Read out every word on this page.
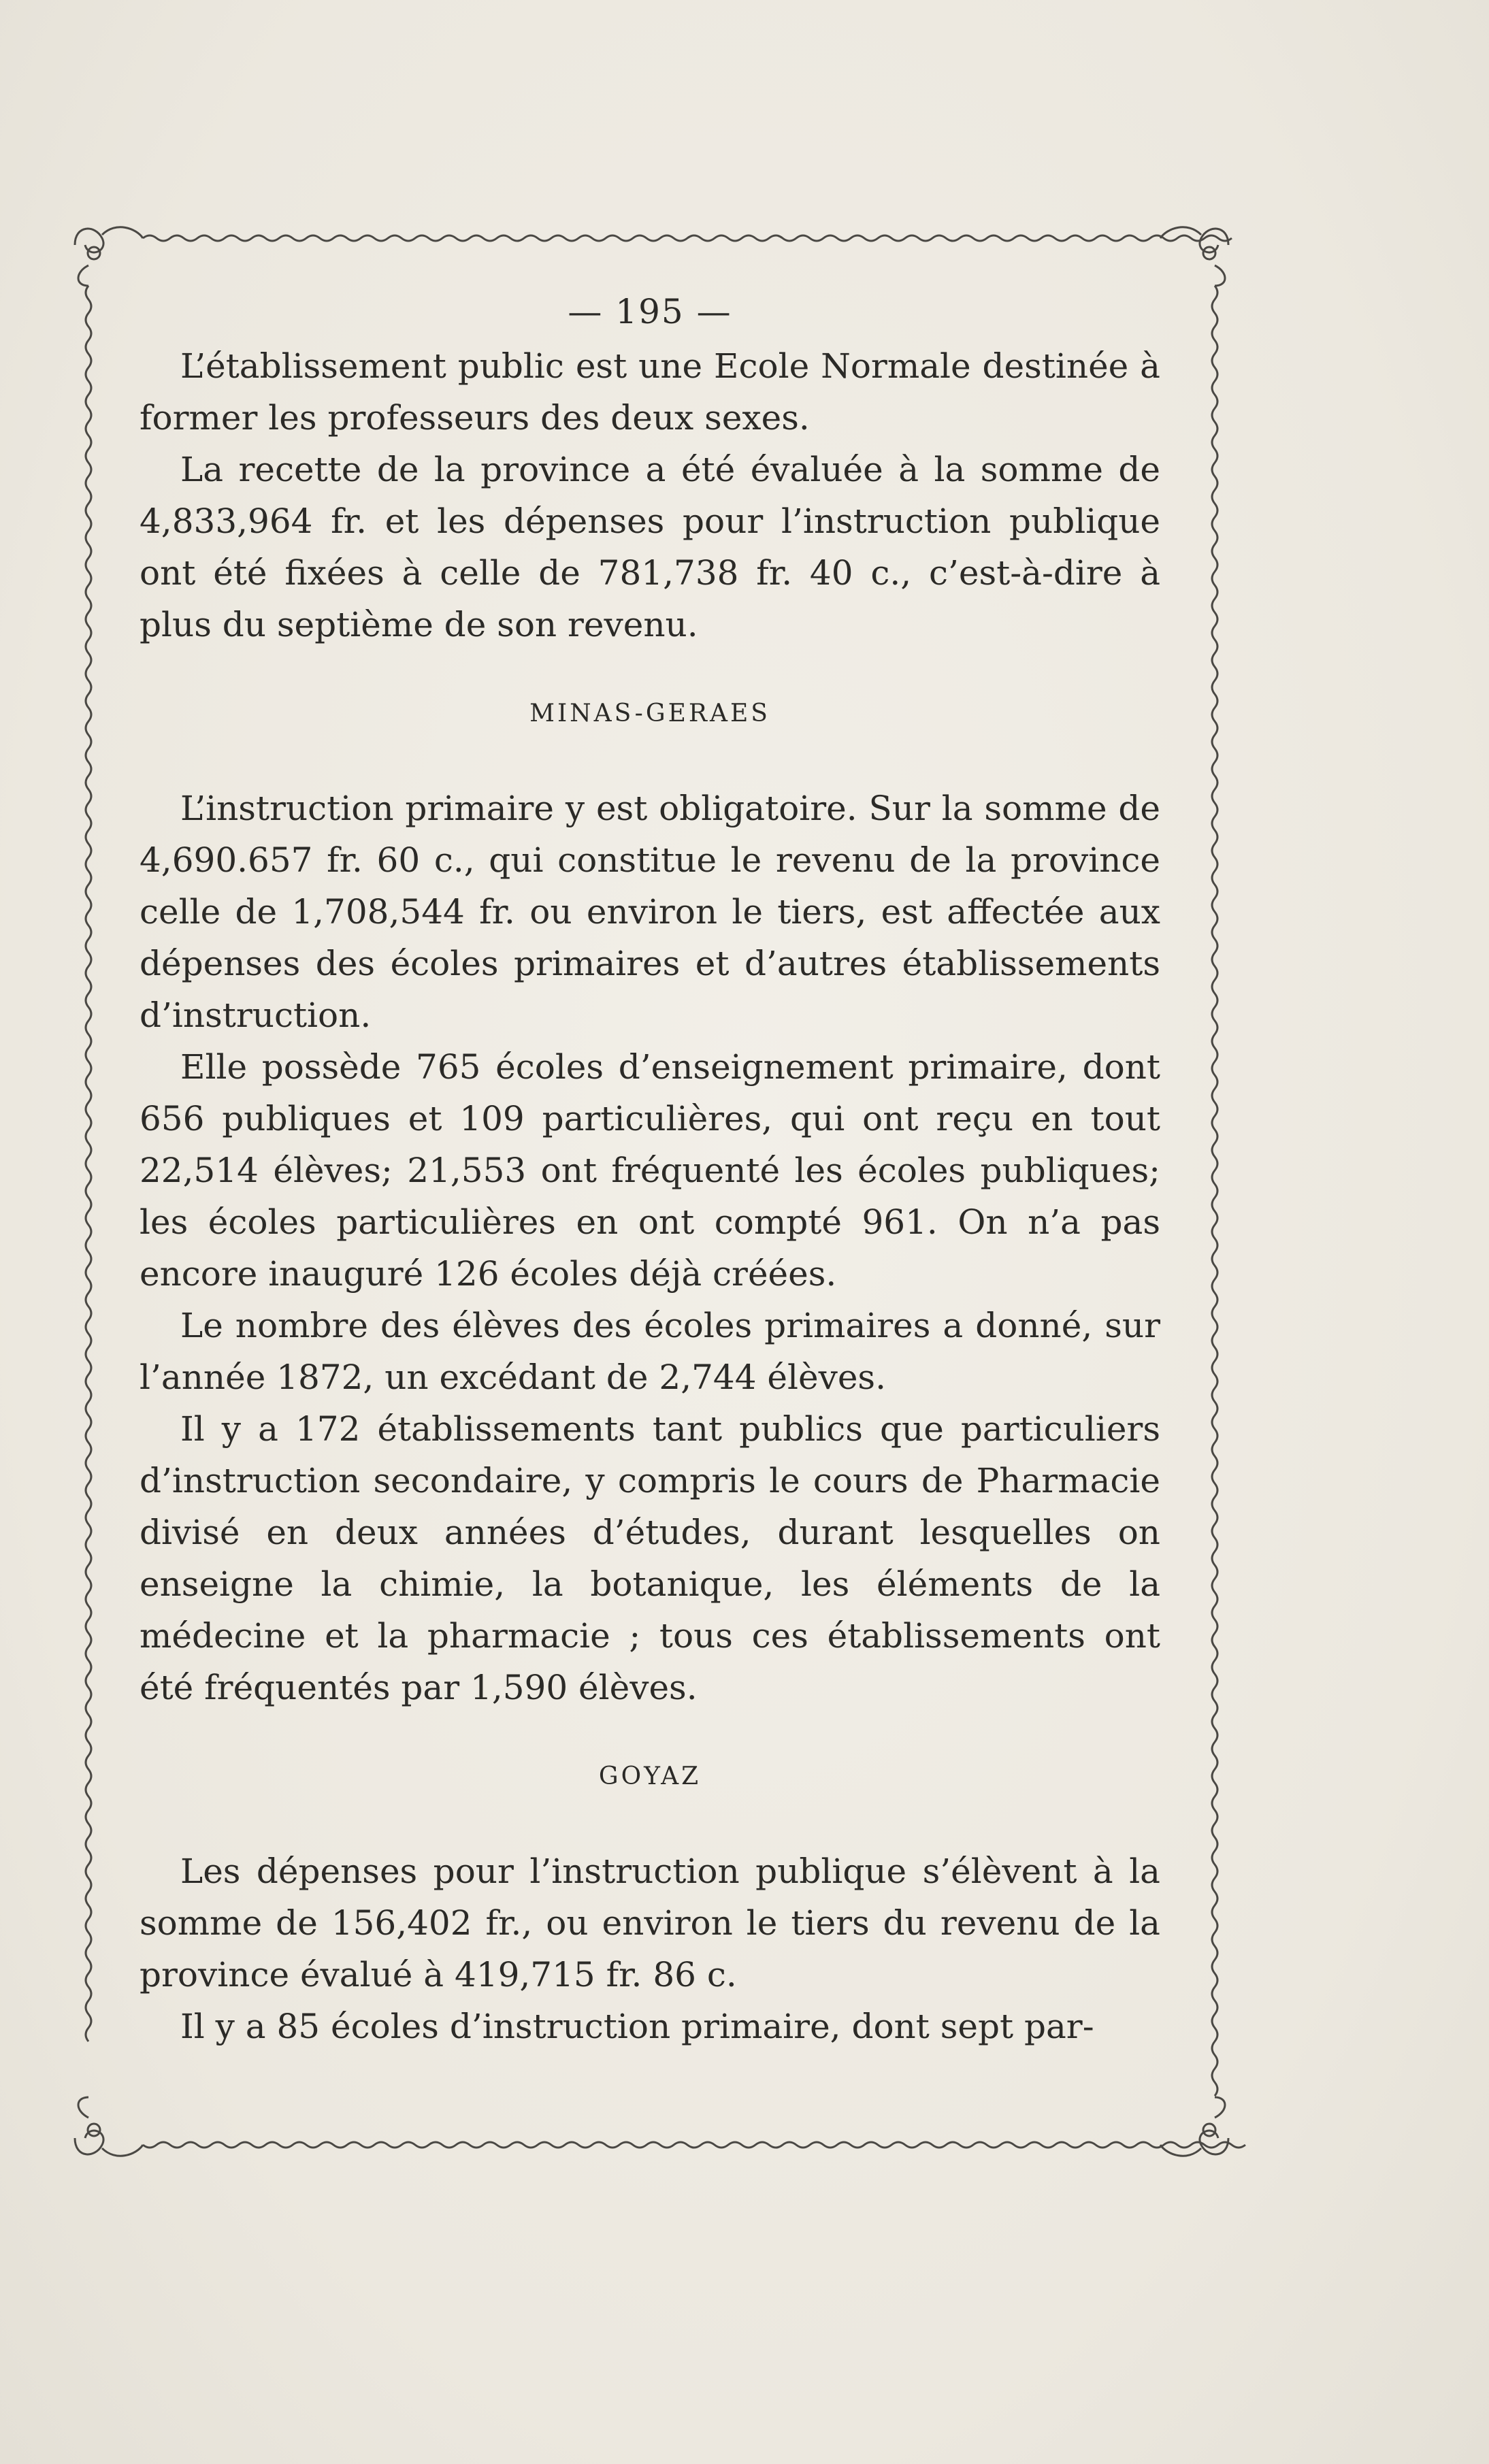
— 195 —

L’établissement public est une Ecole Normale destinée à former les professeurs des deux sexes.

La recette de la province a été évaluée à la somme de 4,833,964 fr. et les dépenses pour l’instruction publique ont été fixées à celle de 781,738 fr. 40 c., c’est-à-dire à plus du septième de son revenu.

MINAS-GERAES

L’instruction primaire y est obligatoire. Sur la somme de 4,690.657 fr. 60 c., qui constitue le revenu de la province celle de 1,708,544 fr. ou environ le tiers, est affectée aux dépenses des écoles primaires et d’autres établissements d’instruction.

Elle possède 765 écoles d’enseignement primaire, dont 656 publiques et 109 particulières, qui ont reçu en tout 22,514 élèves; 21,553 ont fréquenté les écoles publiques; les écoles particulières en ont compté 961. On n’a pas encore inauguré 126 écoles déjà créées.

Le nombre des élèves des écoles primaires a donné, sur l’année 1872, un excédant de 2,744 élèves.

Il y a 172 établissements tant publics que particuliers d’instruction secondaire, y compris le cours de Pharmacie divisé en deux années d’études, durant lesquelles on enseigne la chimie, la botanique, les éléments de la médecine et la pharmacie ; tous ces établissements ont été fréquentés par 1,590 élèves.

GOYAZ

Les dépenses pour l’instruction publique s’élèvent à la somme de 156,402 fr., ou environ le tiers du revenu de la province évalué à 419,715 fr. 86 c.

Il y a 85 écoles d’instruction primaire, dont sept par-
